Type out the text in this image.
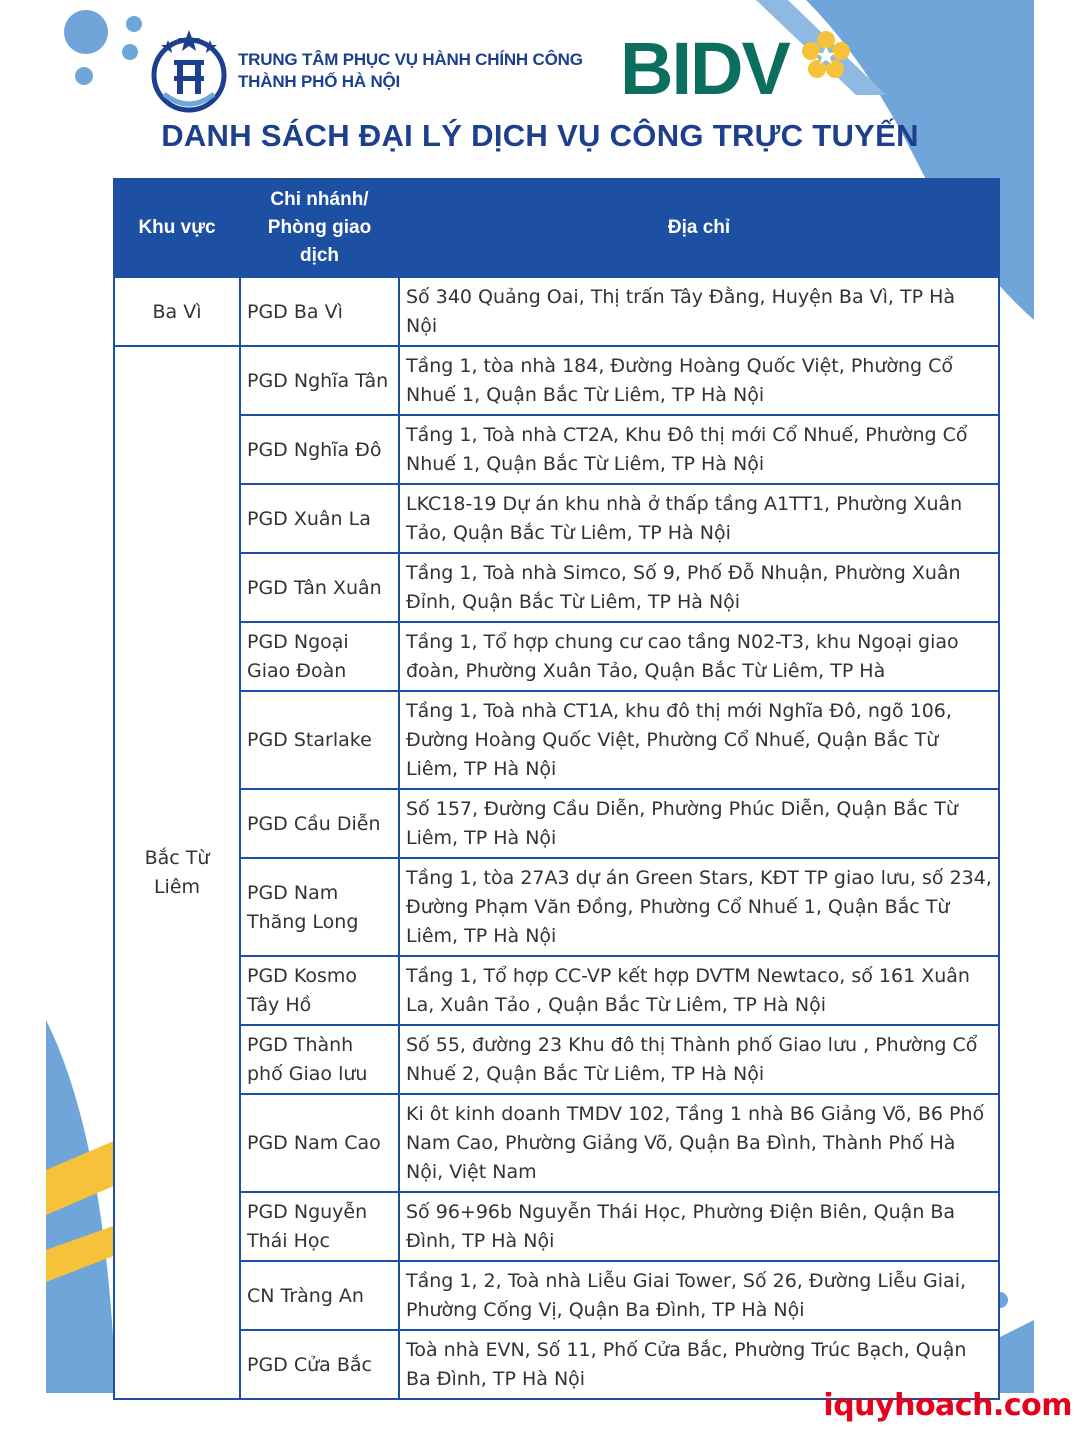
TRUNG TÂM PHỤC VỤ HÀNH CHÍNH CÔNG
THÀNH PHỐ HÀ NỘI	BIDV
DANH SÁCH ĐẠI LÝ DỊCH VỤ CÔNG TRỰC TUYẾN
Khu vực	Chi nhánh/ Phòng giao dịch	Địa chỉ
Ba Vì	PGD Ba Vì	Số 340 Quảng Oai, Thị trấn Tây Đằng, Huyện Ba Vì, TP Hà Nội
Bắc Từ Liêm	PGD Nghĩa Tân	Tầng 1, tòa nhà 184, Đường Hoàng Quốc Việt, Phường Cổ Nhuế 1, Quận Bắc Từ Liêm, TP Hà Nội
	PGD Nghĩa Đô	Tầng 1, Toà nhà CT2A, Khu Đô thị mới Cổ Nhuế, Phường Cổ Nhuế 1, Quận Bắc Từ Liêm, TP Hà Nội
	PGD Xuân La	LKC18-19 Dự án khu nhà ở thấp tầng A1TT1, Phường Xuân Tảo, Quận Bắc Từ Liêm, TP Hà Nội
	PGD Tân Xuân	Tầng 1, Toà nhà Simco, Số 9, Phố Đỗ Nhuận, Phường Xuân Đỉnh, Quận Bắc Từ Liêm, TP Hà Nội
	PGD Ngoại Giao Đoàn	Tầng 1, Tổ hợp chung cư cao tầng N02-T3, khu Ngoại giao đoàn, Phường Xuân Tảo, Quận Bắc Từ Liêm, TP Hà
	PGD Starlake	Tầng 1, Toà nhà CT1A, khu đô thị mới Nghĩa Đô, ngõ 106, Đường Hoàng Quốc Việt, Phường Cổ Nhuế, Quận Bắc Từ Liêm, TP Hà Nội
	PGD Cầu Diễn	Số 157, Đường Cầu Diễn, Phường Phúc Diễn, Quận Bắc Từ Liêm, TP Hà Nội
	PGD Nam Thăng Long	Tầng 1, tòa 27A3 dự án Green Stars, KĐT TP giao lưu, số 234, Đường Phạm Văn Đồng, Phường Cổ Nhuế 1, Quận Bắc Từ Liêm, TP Hà Nội
	PGD Kosmo Tây Hồ	Tầng 1, Tổ hợp CC-VP kết hợp DVTM Newtaco, số 161 Xuân La, Xuân Tảo , Quận Bắc Từ Liêm, TP Hà Nội
	PGD Thành phố Giao lưu	Số 55, đường 23 Khu đô thị Thành phố Giao lưu , Phường Cổ Nhuế 2, Quận Bắc Từ Liêm, TP Hà Nội
	PGD Nam Cao	Ki ôt kinh doanh TMDV 102, Tầng 1 nhà B6 Giảng Võ, B6 Phố Nam Cao, Phường Giảng Võ, Quận Ba Đình, Thành Phố Hà Nội, Việt Nam
	PGD Nguyễn Thái Học	Số 96+96b Nguyễn Thái Học, Phường Điện Biên, Quận Ba Đình, TP Hà Nội
	CN Tràng An	Tầng 1, 2, Toà nhà Liễu Giai Tower, Số 26, Đường Liễu Giai, Phường Cống Vị, Quận Ba Đình, TP Hà Nội
	PGD Cửa Bắc	Toà nhà EVN, Số 11, Phố Cửa Bắc, Phường Trúc Bạch, Quận Ba Đình, TP Hà Nội
iquyhoach.com
